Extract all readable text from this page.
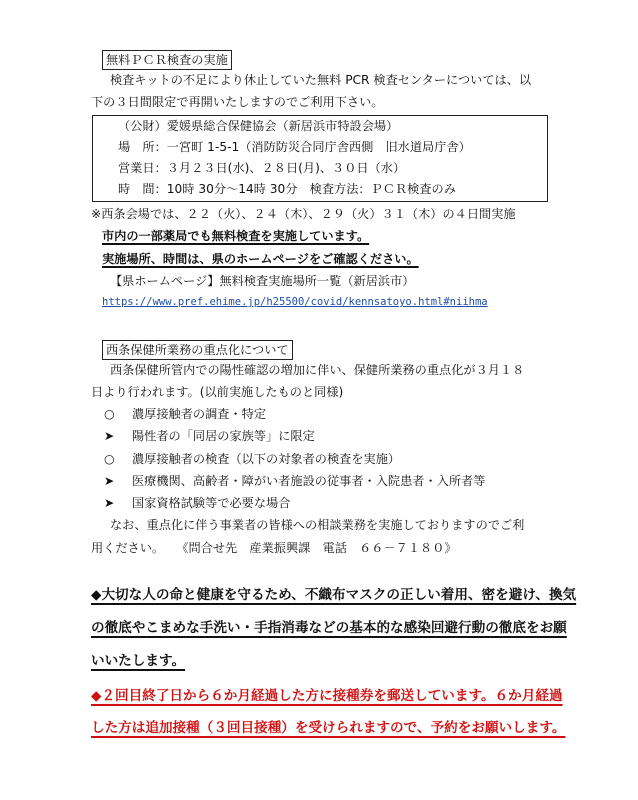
無料ＰＣＲ検査の実施
検査キットの不足により休止していた無料 PCR 検査センターについては、以
下の３日間限定で再開いたしますのでご利用下さい。
（公財）愛媛県総合保健協会（新居浜市特設会場）
場　所：一宮町 1-5-1（消防防災合同庁舎西側　旧水道局庁舎）
営業日：３月２３日(水)、２８日(月)、３０日（水）
時　間：10時 30分～14時 30分　検査方法：ＰＣＲ検査のみ
※西条会場では、２２（火）、２４（木）、２９（火）３１（木）の４日間実施
市内の一部薬局でも無料検査を実施しています。
実施場所、時間は、県のホームページをご確認ください。
【県ホームページ】無料検査実施場所一覧（新居浜市）
https://www.pref.ehime.jp/h25500/covid/kennsatoyo.html#niihma
西条保健所業務の重点化について
西条保健所管内での陽性確認の増加に伴い、保健所業務の重点化が３月１８
日より行われます。(以前実施したものと同様)
○ 濃厚接触者の調査・特定
➤ 陽性者の「同居の家族等」に限定
○ 濃厚接触者の検査（以下の対象者の検査を実施）
➤ 医療機関、高齢者・障がい者施設の従事者・入院患者・入所者等
➤ 国家資格試験等で必要な場合
なお、重点化に伴う事業者の皆様への相談業務を実施しておりますのでご利
用ください。　　《問合せ先　産業振興課　電話　６６－７１８０》
◆大切な人の命と健康を守るため、不織布マスクの正しい着用、密を避け、換気
の徹底やこまめな手洗い・手指消毒などの基本的な感染回避行動の徹底をお願
いいたします。
◆２回目終了日から６か月経過した方に接種券を郵送しています。６か月経過
した方は追加接種（３回目接種）を受けられますので、予約をお願いします。
